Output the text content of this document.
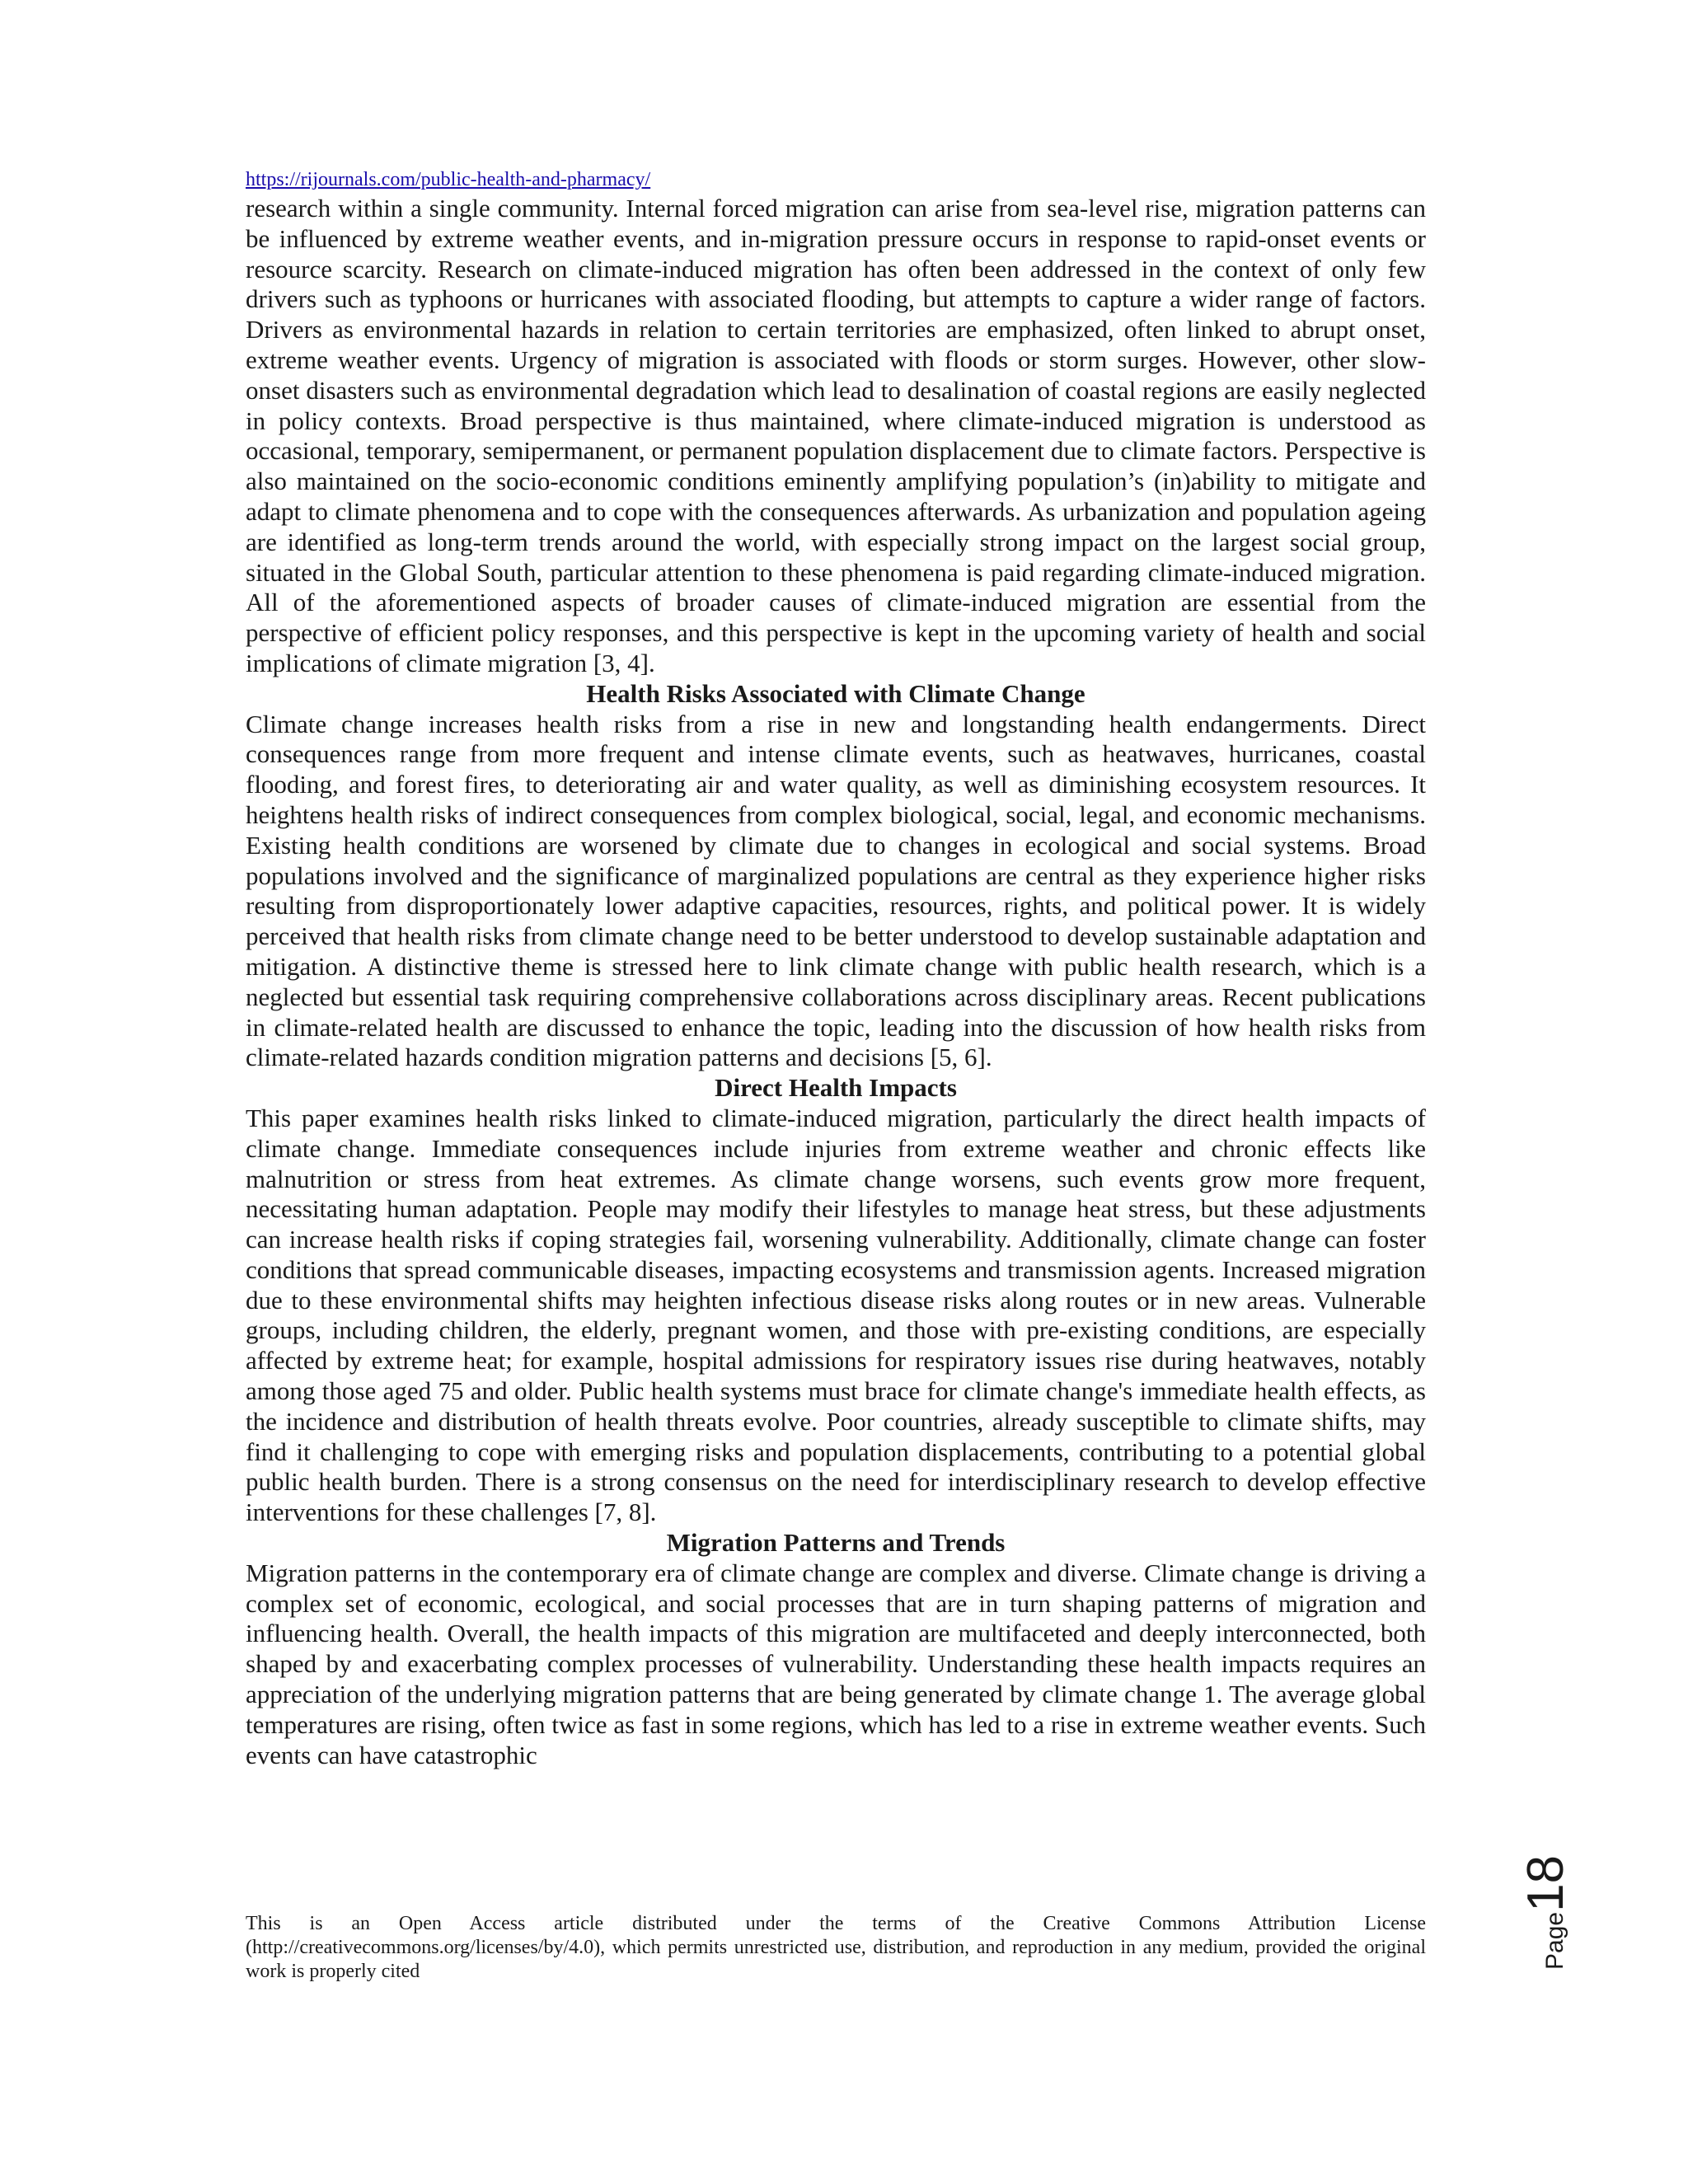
https://rijournals.com/public-health-and-pharmacy/

research within a single community. Internal forced migration can arise from sea-level rise, migration patterns can be influenced by extreme weather events, and in-migration pressure occurs in response to rapid-onset events or resource scarcity. Research on climate-induced migration has often been addressed in the context of only few drivers such as typhoons or hurricanes with associated flooding, but attempts to capture a wider range of factors. Drivers as environmental hazards in relation to certain territories are emphasized, often linked to abrupt onset, extreme weather events. Urgency of migration is associated with floods or storm surges. However, other slow-onset disasters such as environmental degradation which lead to desalination of coastal regions are easily neglected in policy contexts. Broad perspective is thus maintained, where climate-induced migration is understood as occasional, temporary, semipermanent, or permanent population displacement due to climate factors. Perspective is also maintained on the socio-economic conditions eminently amplifying population’s (in)ability to mitigate and adapt to climate phenomena and to cope with the consequences afterwards. As urbanization and population ageing are identified as long-term trends around the world, with especially strong impact on the largest social group, situated in the Global South, particular attention to these phenomena is paid regarding climate-induced migration. All of the aforementioned aspects of broader causes of climate-induced migration are essential from the perspective of efficient policy responses, and this perspective is kept in the upcoming variety of health and social implications of climate migration [3, 4].

Health Risks Associated with Climate Change

Climate change increases health risks from a rise in new and longstanding health endangerments. Direct consequences range from more frequent and intense climate events, such as heatwaves, hurricanes, coastal flooding, and forest fires, to deteriorating air and water quality, as well as diminishing ecosystem resources. It heightens health risks of indirect consequences from complex biological, social, legal, and economic mechanisms. Existing health conditions are worsened by climate due to changes in ecological and social systems. Broad populations involved and the significance of marginalized populations are central as they experience higher risks resulting from disproportionately lower adaptive capacities, resources, rights, and political power. It is widely perceived that health risks from climate change need to be better understood to develop sustainable adaptation and mitigation. A distinctive theme is stressed here to link climate change with public health research, which is a neglected but essential task requiring comprehensive collaborations across disciplinary areas. Recent publications in climate-related health are discussed to enhance the topic, leading into the discussion of how health risks from climate-related hazards condition migration patterns and decisions [5, 6].

Direct Health Impacts

This paper examines health risks linked to climate-induced migration, particularly the direct health impacts of climate change. Immediate consequences include injuries from extreme weather and chronic effects like malnutrition or stress from heat extremes. As climate change worsens, such events grow more frequent, necessitating human adaptation. People may modify their lifestyles to manage heat stress, but these adjustments can increase health risks if coping strategies fail, worsening vulnerability. Additionally, climate change can foster conditions that spread communicable diseases, impacting ecosystems and transmission agents. Increased migration due to these environmental shifts may heighten infectious disease risks along routes or in new areas. Vulnerable groups, including children, the elderly, pregnant women, and those with pre-existing conditions, are especially affected by extreme heat; for example, hospital admissions for respiratory issues rise during heatwaves, notably among those aged 75 and older. Public health systems must brace for climate change's immediate health effects, as the incidence and distribution of health threats evolve. Poor countries, already susceptible to climate shifts, may find it challenging to cope with emerging risks and population displacements, contributing to a potential global public health burden. There is a strong consensus on the need for interdisciplinary research to develop effective interventions for these challenges [7, 8].

Migration Patterns and Trends

Migration patterns in the contemporary era of climate change are complex and diverse. Climate change is driving a complex set of economic, ecological, and social processes that are in turn shaping patterns of migration and influencing health. Overall, the health impacts of this migration are multifaceted and deeply interconnected, both shaped by and exacerbating complex processes of vulnerability. Understanding these health impacts requires an appreciation of the underlying migration patterns that are being generated by climate change 1. The average global temperatures are rising, often twice as fast in some regions, which has led to a rise in extreme weather events. Such events can have catastrophic

This is an Open Access article distributed under the terms of the Creative Commons Attribution License (http://creativecommons.org/licenses/by/4.0), which permits unrestricted use, distribution, and reproduction in any medium, provided the original work is properly cited
Page18
